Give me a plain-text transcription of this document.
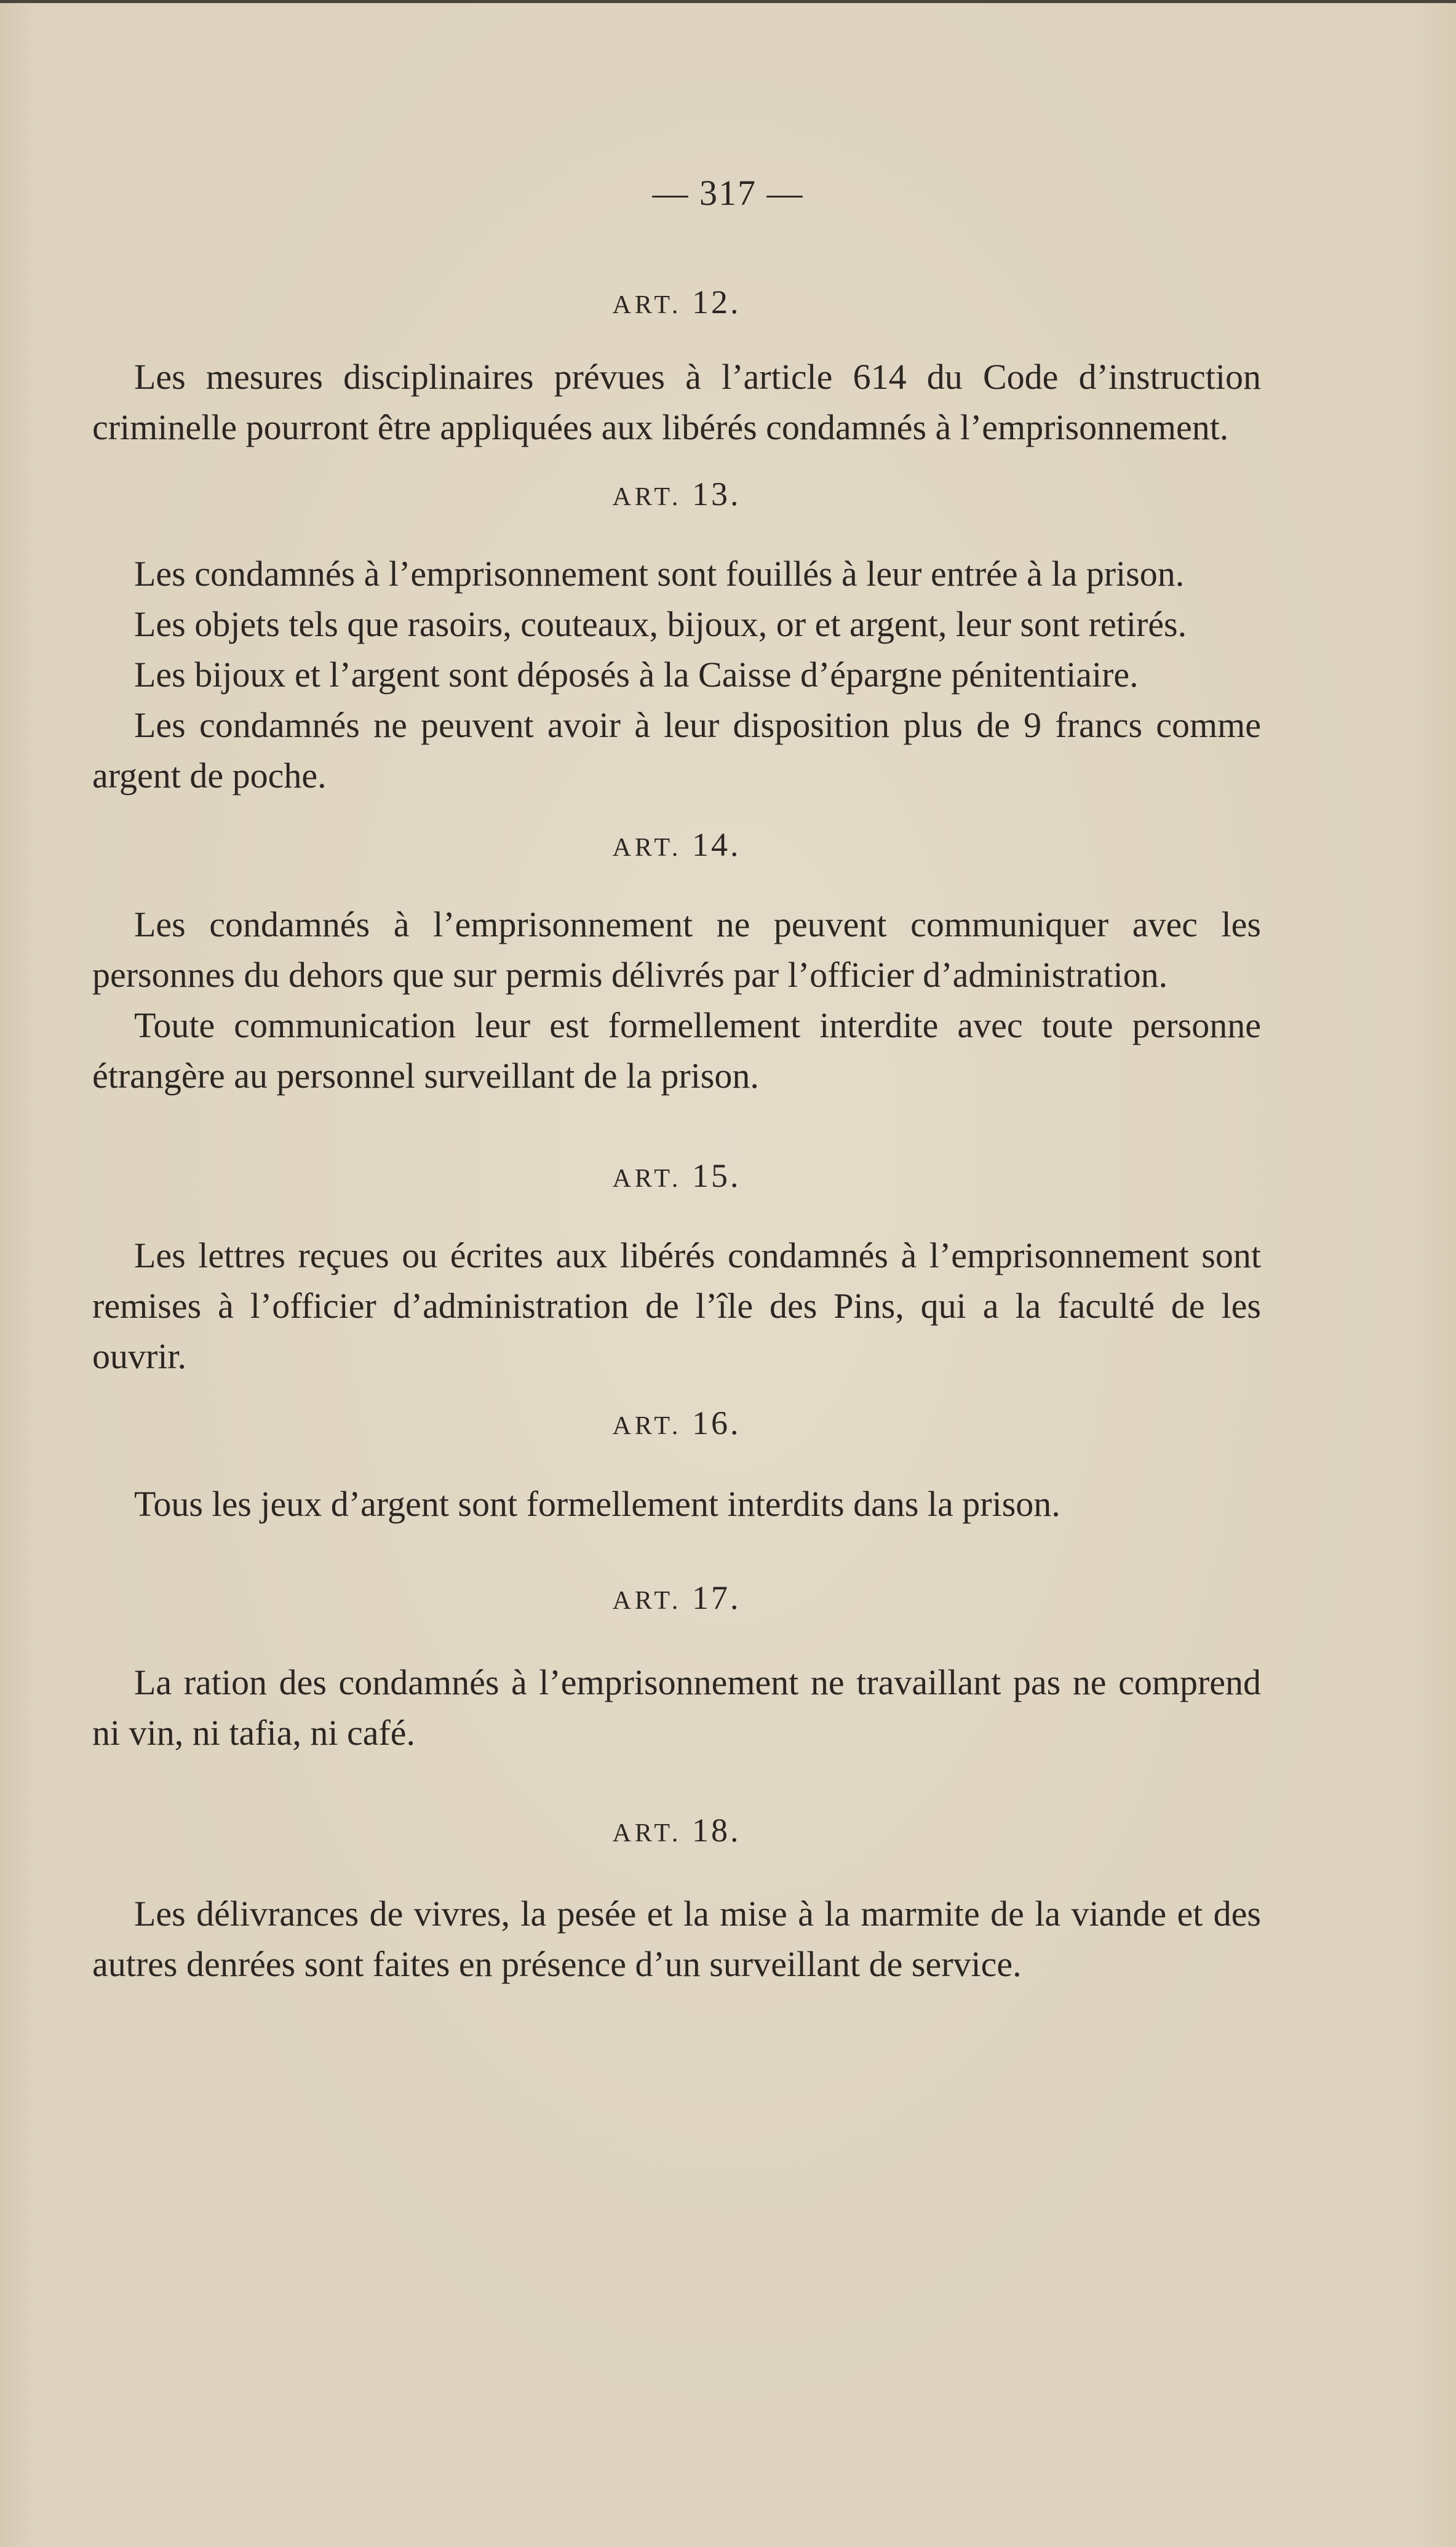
— 317 —

ART. 12.

Les mesures disciplinaires prévues à l’article 614 du Code d’instruction criminelle pourront être appliquées aux libérés condamnés à l’emprisonnement.

ART. 13.

Les condamnés à l’emprisonnement sont fouillés à leur entrée à la prison.

Les objets tels que rasoirs, couteaux, bijoux, or et argent, leur sont retirés.

Les bijoux et l’argent sont déposés à la Caisse d’épargne pénitentiaire.

Les condamnés ne peuvent avoir à leur disposition plus de 9 francs comme argent de poche.

ART. 14.

Les condamnés à l’emprisonnement ne peuvent communiquer avec les personnes du dehors que sur permis délivrés par l’officier d’administration.

Toute communication leur est formellement interdite avec toute personne étrangère au personnel surveillant de la prison.

ART. 15.

Les lettres reçues ou écrites aux libérés condamnés à l’emprisonnement sont remises à l’officier d’administration de l’île des Pins, qui a la faculté de les ouvrir.

ART. 16.

Tous les jeux d’argent sont formellement interdits dans la prison.

ART. 17.

La ration des condamnés à l’emprisonnement ne travaillant pas ne comprend ni vin, ni tafia, ni café.

ART. 18.

Les délivrances de vivres, la pesée et la mise à la marmite de la viande et des autres denrées sont faites en présence d’un surveillant de service.
